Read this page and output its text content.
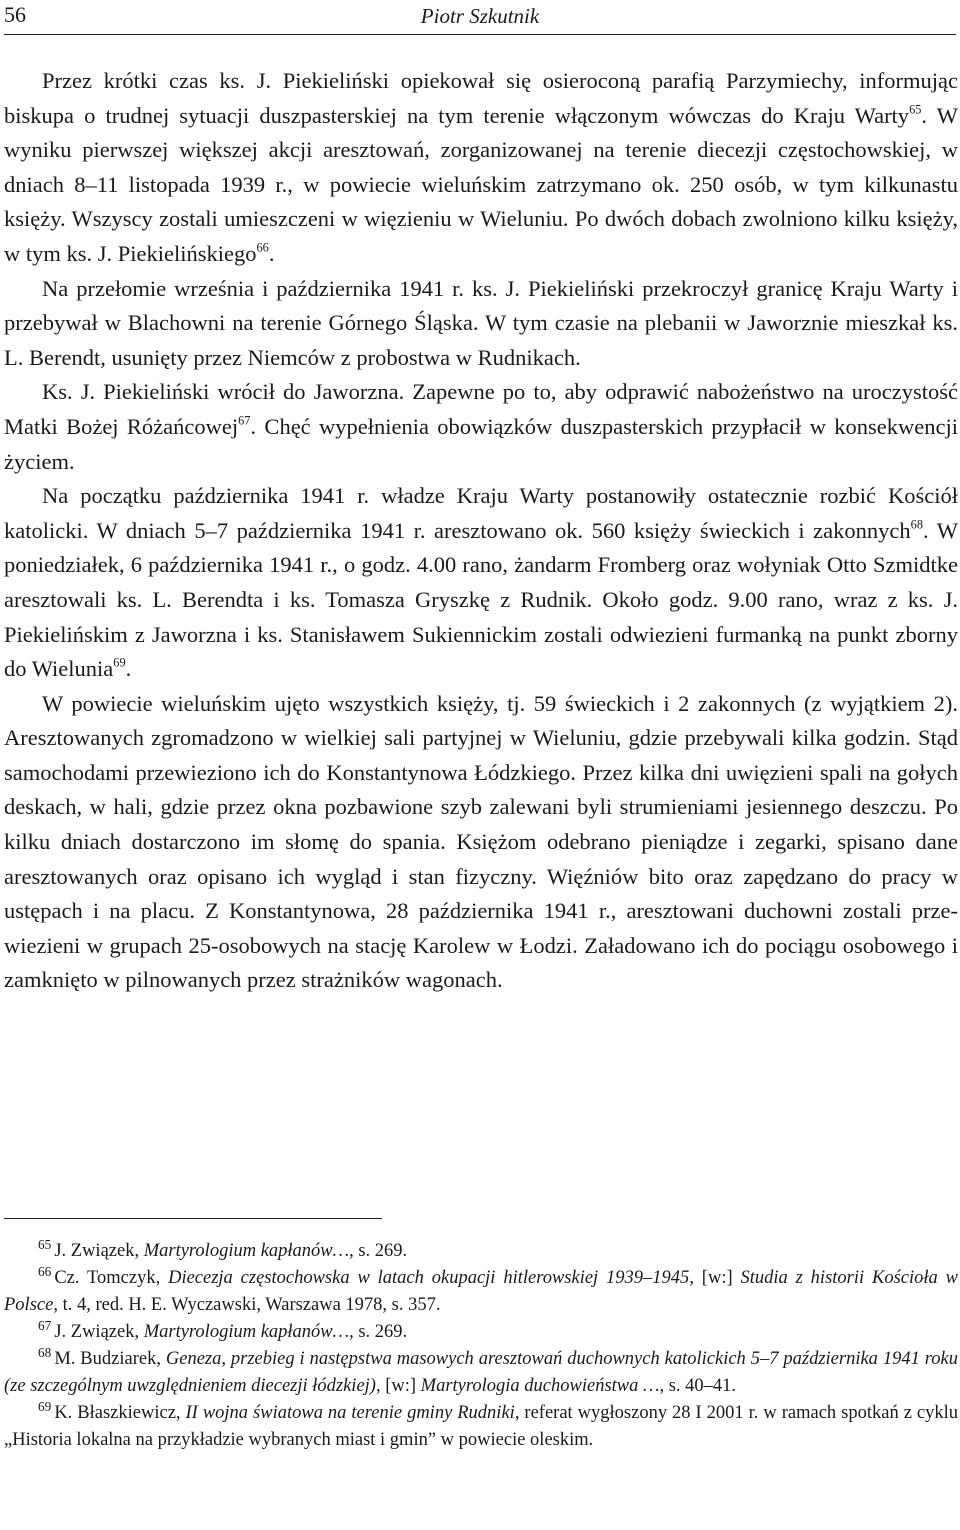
56	Piotr Szkutnik

Przez krótki czas ks. J. Piekieliński opiekował się osieroconą parafią Parzymiechy, informując biskupa o trudnej sytuacji duszpasterskiej na tym terenie włączonym wówczas do Kraju Warty$^{65}$. W wyniku pierwszej większej akcji aresztowań, zorganizowanej na terenie diecezji częstochowskiej, w dniach 8–11 listopada 1939 r., w powiecie wieluńskim zatrzymano ok. 250 osób, w tym kilkunastu księży. Wszyscy zostali umieszczeni w więzieniu w Wieluniu. Po dwóch dobach zwolniono kilku księży, w tym ks. J. Piekielińskiego$^{66}$.

Na przełomie września i października 1941 r. ks. J. Piekieliński przekroczył granicę Kraju Warty i przebywał w Blachowni na terenie Górnego Śląska. W tym czasie na plebanii w Jaworznie mieszkał ks. L. Berendt, usunięty przez Niemców z probostwa w Rudnikach.

Ks. J. Piekieliński wrócił do Jaworzna. Zapewne po to, aby odprawić nabożeństwo na uroczystość Matki Bożej Różańcowej$^{67}$. Chęć wypełnienia obowiązków duszpasterskich przypłacił w konsekwencji życiem.

Na początku października 1941 r. władze Kraju Warty postanowiły ostatecznie rozbić Kościół katolicki. W dniach 5–7 października 1941 r. aresztowano ok. 560 księży świeckich i zakonnych$^{68}$. W poniedziałek, 6 października 1941 r., o godz. 4.00 rano, żandarm Fromberg oraz wołyniak Otto Szmidtke aresztowali ks. L. Berendta i ks. Tomasza Gryszkę z Rudnik. Około godz. 9.00 rano, wraz z ks. J. Piekielińskim z Jaworzna i ks. Stanisławem Sukiennickim zostali odwiezieni furmanką na punkt zborny do Wielunia$^{69}$.

W powiecie wieluńskim ujęto wszystkich księży, tj. 59 świeckich i 2 zakonnych (z wyjątkiem 2). Aresztowanych zgromadzono w wielkiej sali partyjnej w Wieluniu, gdzie przebywali kilka godzin. Stąd samochodami przewieziono ich do Konstantynowa Łódzkiego. Przez kilka dni uwięzieni spali na gołych deskach, w hali, gdzie przez okna pozbawione szyb zalewani byli strumieniami jesiennego deszczu. Po kilku dniach dostarczono im słomę do spania. Księżom odebrano pieniądze i zegarki, spisano dane aresztowanych oraz opisano ich wygląd i stan fizyczny. Więźniów bito oraz zapędzano do pracy w ustępach i na placu. Z Konstantynowa, 28 października 1941 r., aresztowani duchowni zostali przewiezieni w grupach 25-osobowych na stację Karolew w Łodzi. Załadowano ich do pociągu osobowego i zamknięto w pilnowanych przez strażników wagonach.

$^{65}$ J. Związek, Martyrologium kapłanów…, s. 269.

$^{66}$ Cz. Tomczyk, Diecezja częstochowska w latach okupacji hitlerowskiej 1939–1945, [w:] Studia z historii Kościoła w Polsce, t. 4, red. H. E. Wyczawski, Warszawa 1978, s. 357.

$^{67}$ J. Związek, Martyrologium kapłanów…, s. 269.

$^{68}$ M. Budziarek, Geneza, przebieg i następstwa masowych aresztowań duchownych katolickich 5–7 października 1941 roku (ze szczególnym uwzględnieniem diecezji łódzkiej), [w:] Martyrologia duchowieństwa …, s. 40–41.

$^{69}$ K. Błaszkiewicz, II wojna światowa na terenie gminy Rudniki, referat wygłoszony 28 I 2001 r. w ramach spotkań z cyklu „Historia lokalna na przykładzie wybranych miast i gmin” w powiecie oleskim.
